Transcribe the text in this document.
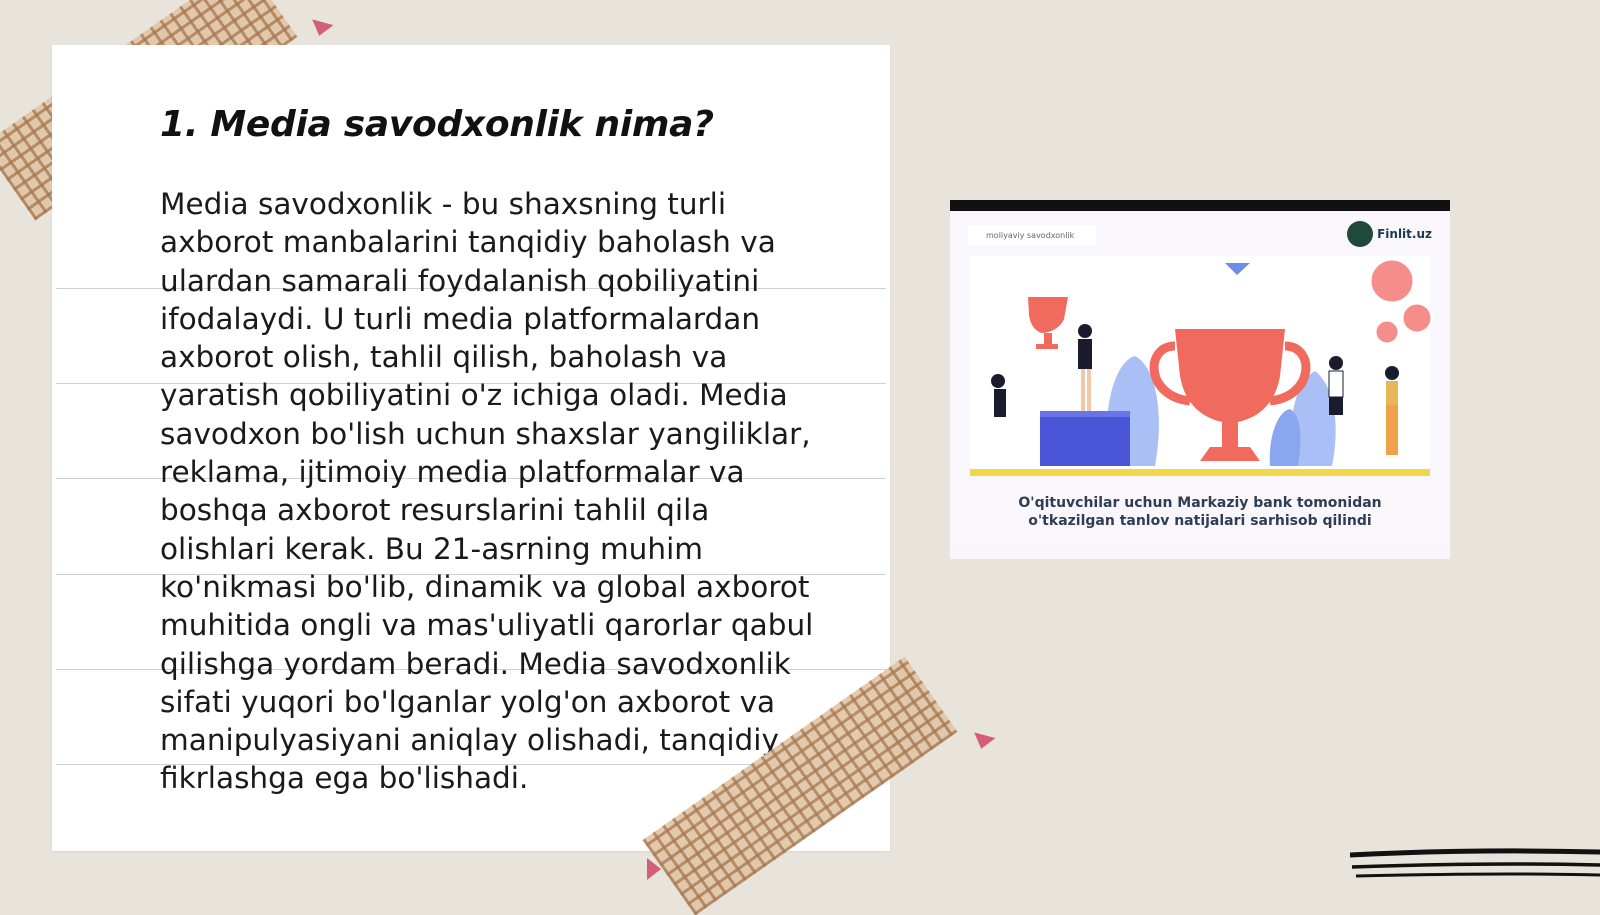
1. Media savodxonlik nima?

Media savodxonlik - bu shaxsning turli axborot manbalarini tanqidiy baholash va ulardan samarali foydalanish qobiliyatini ifodalaydi. U turli media platformalardan axborot olish, tahlil qilish, baholash va yaratish qobiliyatini o'z ichiga oladi. Media savodxon bo'lish uchun shaxslar yangiliklar, reklama, ijtimoiy media platformalar va boshqa axborot resurslarini tahlil qila olishlari kerak. Bu 21-asrning muhim ko'nikmasi bo'lib, dinamik va global axborot muhitida ongli va mas'uliyatli qarorlar qabul qilishga yordam beradi. Media savodxonlik sifati yuqori bo'lganlar yolg'on axborot va manipulyasiyani aniqlay olishadi, tanqidiy fikrlashga ega bo'lishadi.

moliyaviy savodxonlik	Finlit.uz
O'qituvchilar uchun Markaziy bank tomonidan
o'tkazilgan tanlov natijalari sarhisob qilindi
